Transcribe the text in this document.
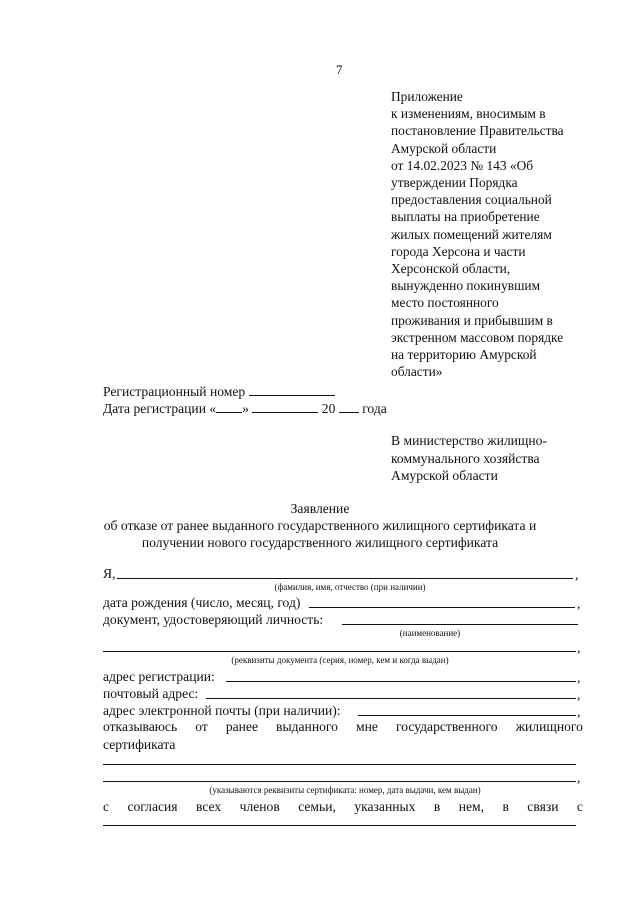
7
Приложение
к изменениям, вносимым в
постановление Правительства
Амурской области
от 14.02.2023 № 143 «Об
утверждении Порядка
предоставления социальной
выплаты на приобретение
жилых помещений жителям
города Херсона и части
Херсонской области,
вынужденно покинувшим
место постоянного
проживания и прибывшим в
экстренном массовом порядке
на территорию Амурской
области»
Регистрационный номер
Дата регистрации « »	20 года
В министерство жилищно-
коммунального хозяйства
Амурской области
Заявление
об отказе от ранее выданного государственного жилищного сертификата и
получении нового государственного жилищного сертификата
Я,	,
(фамилия, имя, отчество (при наличии)
дата рождения (число, месяц, год)	,
документ, удостоверяющий личность:
(наименование)
,
(реквизиты документа (серия, номер, кем и когда выдан)
адрес регистрации:	,
почтовый адрес:	,
адрес электронной почты (при наличии):	,
отказываюсь от ранее выданного мне государственного жилищного
сертификата
,
(указываются реквизиты сертификата: номер, дата выдачи, кем выдан)
с согласия всех членов семьи, указанных в нем, в связи с
